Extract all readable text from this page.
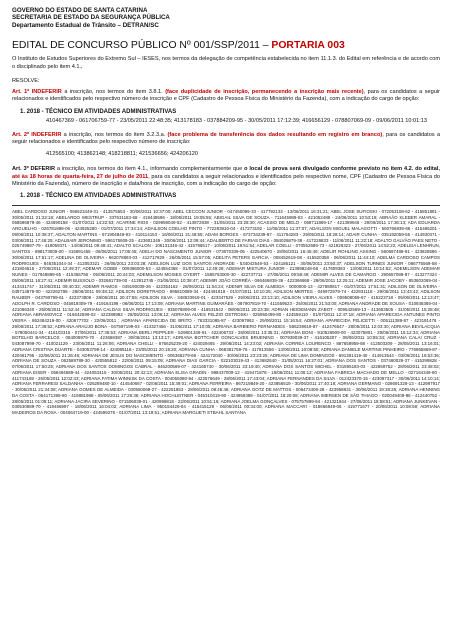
GOVERNO DO ESTADO DE SANTA CATARINA
SECRETARIA DE ESTADO DA SEGURANÇA PÚBLICA
Departamento Estadual de Trânsito – DETRAN/SC
EDITAL DE CONCURSO PÚBLICO Nº 001/SSP/2011 – PORTARIA 003
O Instituto de Estudos Superiores do Extremo Sul – IESES, nos termos da delegação de competência estabelecida no item 11.1.3. do Edital em referência e de acordo com o disciplinado pelo item 4.1.,
RESOLVE:
Art. 1º INDEFERIR a inscrição, nos termos do item 3.8.1. (face duplicidade de inscrição, permanecendo a inscrição mais recente), para os candidatos a seguir relacionados e identificados pelo respectivo número de inscrição e CPF (Cadastro de Pessoa Física do Ministério da Fazenda), com a indicação do cargo de opção:
1. 2018 - TÉCNICO EM ATIVIDADES ADMINISTRATIVAS
410467369 - 061706759-77 - 23/05/2011 22:48:35; 413178183 - 037884209-95 - 30/05/2011 17:12:39; 416656129 - 078807069-09 - 09/06/2011 10:01:13
Art. 2º INDEFERIR a inscrição, nos termos do item 3.2.3.a. (face problema de transferência dos dados resultando em registro em branco), para os candidatos a seguir relacionados e identificados pelo respectivo número de inscrição:
412565100; 413862148; 418218811; 421536656; 424206120
Art. 3º DEFERIR a inscrição, nos termos do item 4.1., informando complementarmente que o local de prova será divulgado conforme previsto no item 4.2. do edital, até às 18 horas de quarta-feira, 27 de julho de 2011, para os candidatos a seguir relacionados e identificados pelo respectivo nome, CPF (Cadastro de Pessoa Física do Ministério da Fazenda), número de inscrição e data/hora de inscrição, com a indicação do cargo de opção:
1. 2018 - TÉCNICO EM ATIVIDADES ADMINISTRATIVAS
ABEL CARDOSO JUNIOR - 066623449-31 - 412575553 - 30/06/2011 10:37:00; ABEL CECCON JUNIOR - 047450099-33 - 417792133 - 13/06/2011 16:31:21; ABEL JOSE SUFIOSKI - 072053108-62 - 415851881 - 30/05/2011 21:22:18; ABELARDO WESTRUP - 337531183-68 - 419449596 - 18/06/2011 19:05:55; ABIGAIL SILVA DE SOUZA - 711645989-53 - 421052488 - 24/06/2011 10:53:19; ABRAÃO KLEBER AMARAL - 058586879-46 - 424690158 - 01/07/2011 14:22:53; ACARINE RIOS - 029959049-52 - 413872838 - 31/05/2011 23:28:30; ACASSIO DE MELO - 068711869-17 - 421389946 - 29/06/2011 17:36:13; ADA EDUARDA ARGUELHO - 026781889-06 - 424925280 - 01/07/2011 17:34:14; ADAILSON COELHO PINTO - 772283910-04 - 417273192 - 11/06/2011 11:37:07; ADAILSON MIGUEL MALAGOTTI - 560766839-66 - 415486201 - 09/06/2011 10:38:37; ADALTON MARTINS - 671904849-93 - 419114153 - 16/06/2011 21:46:55; ADAM BORGES - 673734239-87 - 411764283 - 29/05/2011 18:28:14; ADAIR CUNHA - 035192059-55 - 414930371 - 03/06/2011 17:46:25; ADALBAIR JERONIMO - 596175609-25 - 423601349 - 30/06/2011 12:09:44; ADALBERTO DE FARIAS DIAS - 084026879-38 - 417226833 - 11/06/2011 11:22:18; ADALTO GALVÃO PAES NETO - 025749887-79 - 418059371 - 14/06/2011 09:48:41; ADALTO SCALON - 106131346-42 - 415796517 - 10/06/2011 19:51:54; ADELAR COELLI - 070552689-73 - 421926323 - 27/06/2011 14:52:22; ADELEIA LENHRUN, SANTOS - 888173009-00 - 415691455 - 06/06/2011 17:05:45; ADELH DO NASCIMENTO JUNIOR - 073670339-05 - 422540670 - 28/06/2011 16:45:46; ADELIR ROHLING ASSING - 560697489-91 - 423828586 - 30/06/2011 17:51:17; ADELINA DE OLIVEIRA - 662078893-03 - 412717829 - 26/05/2011 15:57:05; ADELITA PETERS GARCIA - 008452619-08 - 415520358 - 06/06/2011 11:44:10; ADELMA CARDOSO CAMPOS RODRIGUES - 846351044-34 - 412053321 - 26/05/2011 23:03:28; ADELSON LUIZ DOS SANTOS ANDRADE - 534042549-53 - 424186121 - 30/06/2011 23:50:37; ADELSON TURNES JUNIOR - 086775569-58 - 421804515 - 27/06/2011 12:49:37; ADEMAR GOBBI - 009386000-53 - 424554368 - 01/07/2011 12:49:29; ADEMAR MISTURA JUNIOR - 213898248-66 - 417609383 - 13/06/2011 10:14:52; ADEMILSON ADEMAR NUNES - 017948899-65 - 415356756 - 05/06/2011 20:44:03; ADEMILSON MOISES OYEIRT - 1585763000-30 - 422737711 - 27/06/2011 09:58:49; ADEMIR ALVES DE CAMARGO - 290657088-87 - 413277324 - 05/06/2011 16:27:41; ADEMIR BUSSOLO - 032681739-00 - 413912745 - 01/06/2011 10:38:47; ADEMIR JOÃO CORRÊA - 066466839-36 - 422366868 - 28/06/2011 12:25:11; ADEMIR JOSE JACOBY - 853602069-04 - 413431747 - 31/05/2011 09:40:32; ADEMIR RAMOS - 049190039-26 - 422354162 - 28/06/2011 11:54:24; ADENIR SILVA DE ALMEIDA - 0000000-13 - 427880817 - 01/07/2011 17:51:31; ADILSON DE OLIVEIRA - 049714879-00 - 422262788 - 28/06/2011 09:48:12; ADILSON DORETRADO - 895810089-34 - 424491618 - 01/07/2011 10:10:25; ADILSON MERTES - 049972979-74 - 422931118 - 29/06/2011 13:43:42; ADILSON RAUBER - 043790799-61 - 422373809 - 28/06/2011 20:47:55; ADILSON SILVA - 348533919-01 - 423347529 - 29/06/2011 23:13:10; ADILSON VIEIRA ALVES - 009508059-67 - 415223718 - 05/06/2011 12:13:47; ADOLPH R. CARDOSO - 045819309-79 - 419164198 - 06/06/2011 17:13:09; ADRIANA MARTINS GUIMARÃES - 087907819-70 - 411559523 - 25/05/2011 21:53:00; ADRIANA ANDRADE DE SOUSA - 010938369-04 - 421086340 - 25/06/2011 11:52:44; ADRIANA CALDAS SILVA RODRIGUES - 935078809-00 - 416531542 - 08/06/2011 20:23:38; ADRIAN HEIDEMANN ZABOT - 009542569-13 - 413653505 - 31/05/2011 15:28:48; ADRIANA ABRAMOVICZ - 016642599-02 - 422388982 - 28/06/2011 13:06:12; ADRIANA ALVES FELZIO OSTROSKI - 025950499-80 - 424559110 - 01/07/2011 12:47:18; ADRIANA APARECIDA ANTUNES PINTO VIEIRA - 862484219-00 - 420677702 - 22/06/2011 ; ADRIANA APARECIDA DE BRITO - 763331085-87 - 423097862 - 29/06/2011 15:16:54; ADRIANA APARECIDA FELICETTI - 005111389-87 - 423191476 - 29/06/2011 17:38:52; ADRIANA ARAÚJO BONA - 047597199-03 - 413327456 - 31/05/2011 17:10:05; ADRIANA BARBIERO FERNANDES - 585239619-87 - 412476547 - 28/05/2011 12:03:30; ADRIANA BEVILACQUA - 578050441-34 - 416103315 - 07/06/2011 17:36:53; ADRIANA BERLI PEPPLER - 529801349-91 - 422406733 - 28/06/2011 13:35:31; ADRIANA BONI - 910526909-00 - 423075801 - 29/06/2011 15:12:34; ADRIANA BOTELHO BARCELOS - 084009979-70 - 423668387 - 30/06/2011 13:13:17; ADRIANA BOTTCHER GONCALVES BRUENING - 007939039-37 - 416105207 - 08/06/2011 10:55:34; ADRIANA CALAI CRUZ - 043087999-70 - 410021129 - 23/05/2011 11:26:06; ADRIANA CHELLI - 676625239-20 - 424029465 - 29/06/2011 14:23:02; ADRIANA CORREA LOURENCO - 887658959-68 - 412503209 - 28/05/2011 13:16:01; ADRIANA CRISTINA DUARTE - 043053799-14 - 424085118 - 23/05/2011 20:19:20; ADRIANA CUNHA - 068381759-76 - 417813556 - 13/06/2011 10:08:50; ADRIANA DANIELE MARTINS PINHEIRO - 776865869-87 - 420461795 - 22/06/2011 21:26:46; ADRIANA DE JESUS DO NASCIMENTO - 005366279-69 - 424172040 - 30/06/2011 23:23:25; ADRIANA DE LIMA DOMINGOS - 691381419-40 - 414913544 - 03/06/2011 16:53:36; ADRIANA DE SOUZA - 062589789-30 - 420555812 - 22/06/2011 09:15:05; ADRIANA DIAS GARCIA - 022103019-43 - 413682640 - 31/05/2011 16:27:01; ADRIANA DOS SANTOS - 037460029-37 - 415299828 - 07/06/2011 17:50:25; ADRIANA DOS SANTOS DOMINGOS CABRAL - 846200569-07 - 424165740 - 30/06/2011 23:19:40; ADRIANA DOS SANTOS MICHEL - 031895183-03 - 422859752 - 28/06/2011 23:48:02; ADRIANA EISER - 058494689-44 - 424053415 - 30/06/2011 20:42:13; ADRIANA ELISA GRADIN - 988437009-12 - 419471878 - 18/06/2011 11:06:12; ADRIANA FABRICIA MACHADO DE MELLO - 027164349-80 - 411743169 - 26/05/2011 12:02:43; ADRIANA FATIMA WINNISK DA COSTA - 004055080-94 - 422576649 - 28/06/2011 17:43:04; ADRIANA FERNANDES DA SILVA - 012423370-15 - 423097317 - 30/06/2011 14:10:14; ADRIANA FERRARESI SALDANHA - 026289480-10 - 414540667 - 02/06/2011 15:39:01; ADRIANA FERREIRA - 867219849-20 - 423856519 - 30/06/2011 17:40:18; ADRIANA GERMANO - 028691329-13 - 412987917 - 30/05/2011 21:34:08; ADRIANA GOMES DE ALMEIDA - 030550069-27 - 422251853 - 28/06/2011 08:46:46; ADRIANA GOTZ DE MATTOS - 006473409-28 - 423958831 - 30/06/2011 19:38:26; ADRIANA HENNING DA COSTA - 054171369-80 - 416881988 - 09/06/2011 17:26:36; ADRIANA HOCHLEITNER - 045310419-90 - 424959388 - 01/07/2011 18:20:08; ADRIANA IMERSEN DE SÃO THIAGO - 020049409-86 - 412440752 - 28/05/2011 01:09:11; ADRIANA JACIRA SEVERINO - 071506039-01 - 420998818 - 22/06/2011 10:51:16; ADRIANA JOELMA GONÇALVES - 075757899-94 - 421321844 - 27/06/2011 18:58:51; ADRIANA JUNKEVAN - 030530989-70 - 419466997 - 18/06/2011 16:04:02; ADRIANA LIMA - 950154429-04 - 415415129 - 06/06/2011 00:34:00; ADRIANA MACCARI - 018666849-06 - 419771677 - 20/06/2011 10:08:59; ADRIANA MADEIROS DA ROSA - 004064719-00 - 424599276 - 01/07/2011 13:19:51; ADRIANA MARGUETI STBAHL SANTANA
